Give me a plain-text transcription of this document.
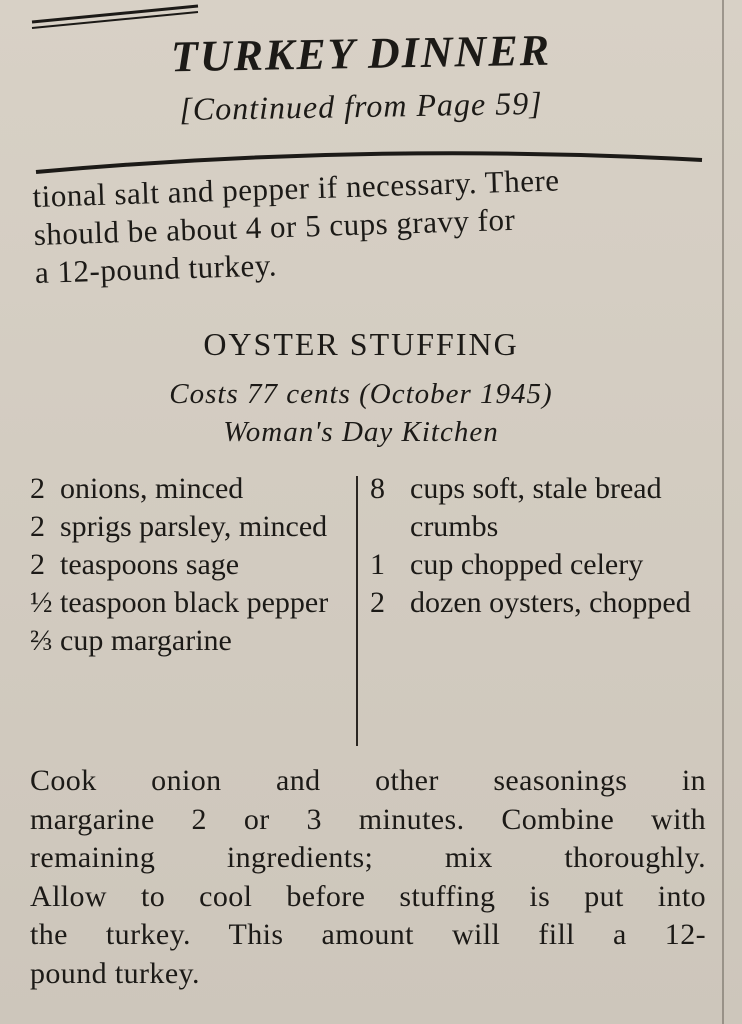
TURKEY DINNER
[Continued from Page 59]
tional salt and pepper if necessary. There
should be about 4 or 5 cups gravy for
a 12-pound turkey.
OYSTER STUFFING
Costs 77 cents (October 1945)
Woman's Day Kitchen
2 onions, minced
2 sprigs parsley, minced
2 teaspoons sage
½ teaspoon black pepper
⅔ cup margarine
8 cups soft, stale bread crumbs
1 cup chopped celery
2 dozen oysters, chopped
Cook onion and other seasonings in
margarine 2 or 3 minutes. Combine with
remaining ingredients; mix thoroughly.
Allow to cool before stuffing is put into
the turkey. This amount will fill a 12-
pound turkey.
